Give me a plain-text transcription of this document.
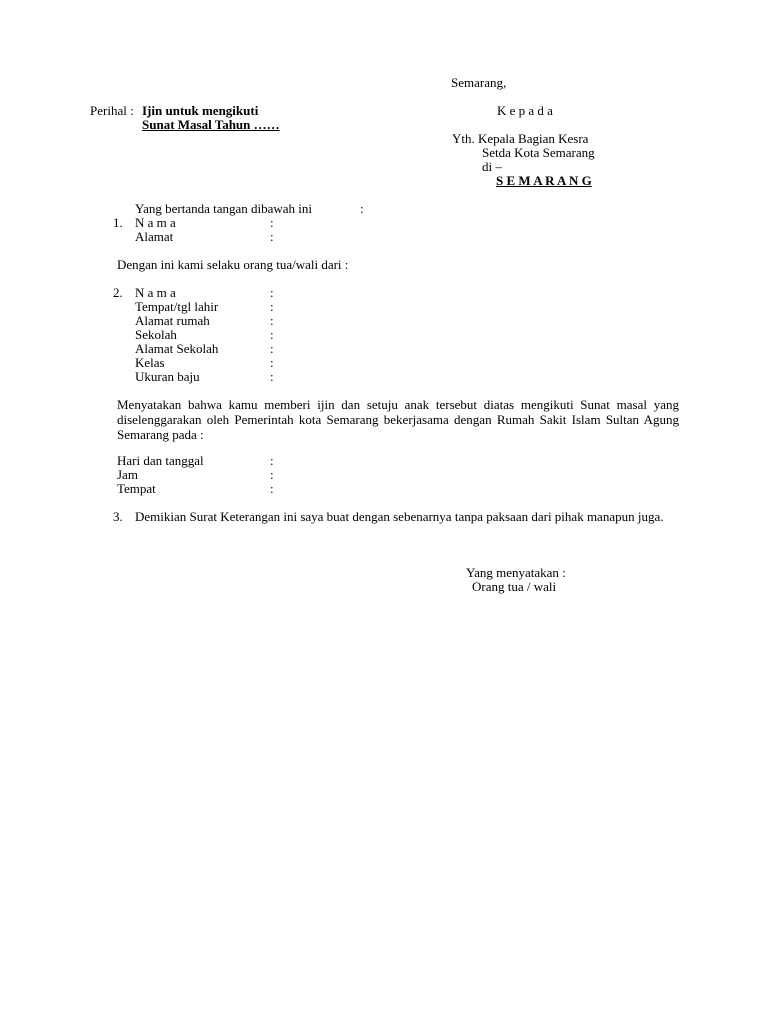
Semarang,
Perihal : Ijin untuk mengikuti
Sunat Masal Tahun ……
K e p a d a
Yth. Kepala Bagian Kesra
Setda Kota Semarang
di –
S E M A R A N G
Yang bertanda tangan dibawah ini	:
1. N a m a	:
Alamat	:
Dengan ini kami selaku orang tua/wali dari :
2. N a m a	:
Tempat/tgl lahir	:
Alamat rumah	:
Sekolah	:
Alamat Sekolah	:
Kelas	:
Ukuran baju	:
Menyatakan bahwa kamu memberi ijin dan setuju anak tersebut diatas mengikuti Sunat masal yang diselenggarakan oleh Pemerintah kota Semarang bekerjasama dengan Rumah Sakit Islam Sultan Agung Semarang pada :
Hari dan tanggal	:
Jam	:
Tempat	:
3. Demikian Surat Keterangan ini saya buat dengan sebenarnya tanpa paksaan dari pihak manapun juga.
Yang menyatakan :
Orang tua / wali
